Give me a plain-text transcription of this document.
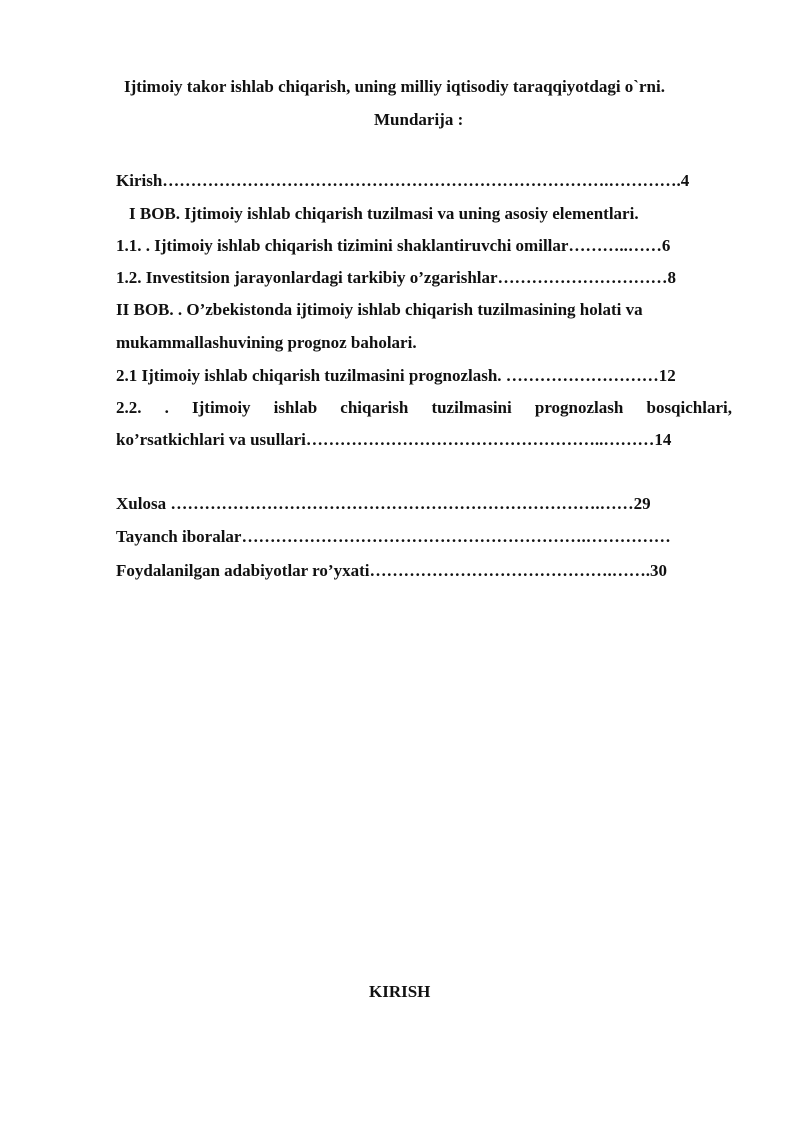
Ijtimoiy takor ishlab chiqarish, uning milliy iqtisodiy taraqqiyotdagi o`rni.
Mundarija :
Kirish…………………………………………………………………….………….4
I BOB. Ijtimoiy ishlab chiqarish tuzilmasi va uning asosiy elementlari.
1.1. . Ijtimoiy ishlab chiqarish tizimini shaklantiruvchi omillar………..……6
1.2. Investitsion jarayonlardagi tarkibiy o’zgarishlar…………………………8
II BOB. . O’zbekistonda ijtimoiy ishlab chiqarish tuzilmasining holati va
mukammallashuvining prognoz baholari.
2.1 Ijtimoiy ishlab chiqarish tuzilmasini prognozlash. ………………………12
2.2. . Ijtimoiy ishlab chiqarish tuzilmasini prognozlash bosqichlari,
ko’rsatkichlari va usullari……………………………………………..………14
Xulosa ………………………………………………………………….……29
Tayanch iboralar…………………………………………………….……………
Foydalanilgan adabiyotlar ro’yxati…………………………………….…….30
KIRISH
